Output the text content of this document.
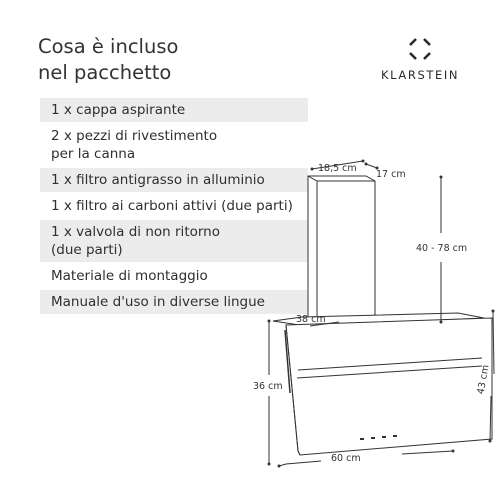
Cosa è incluso
nel pacchetto	KLARSTEIN
1 x cappa aspirante
2 x pezzi di rivestimento
per la canna
1 x filtro antigrasso in alluminio
1 x filtro ai carboni attivi (due parti)
1 x valvola di non ritorno
(due parti)
Materiale di montaggio
Manuale d'uso in diverse lingue
18,5 cm
17 cm
40 - 78 cm
38 cm
36 cm
60 cm
43 cm
